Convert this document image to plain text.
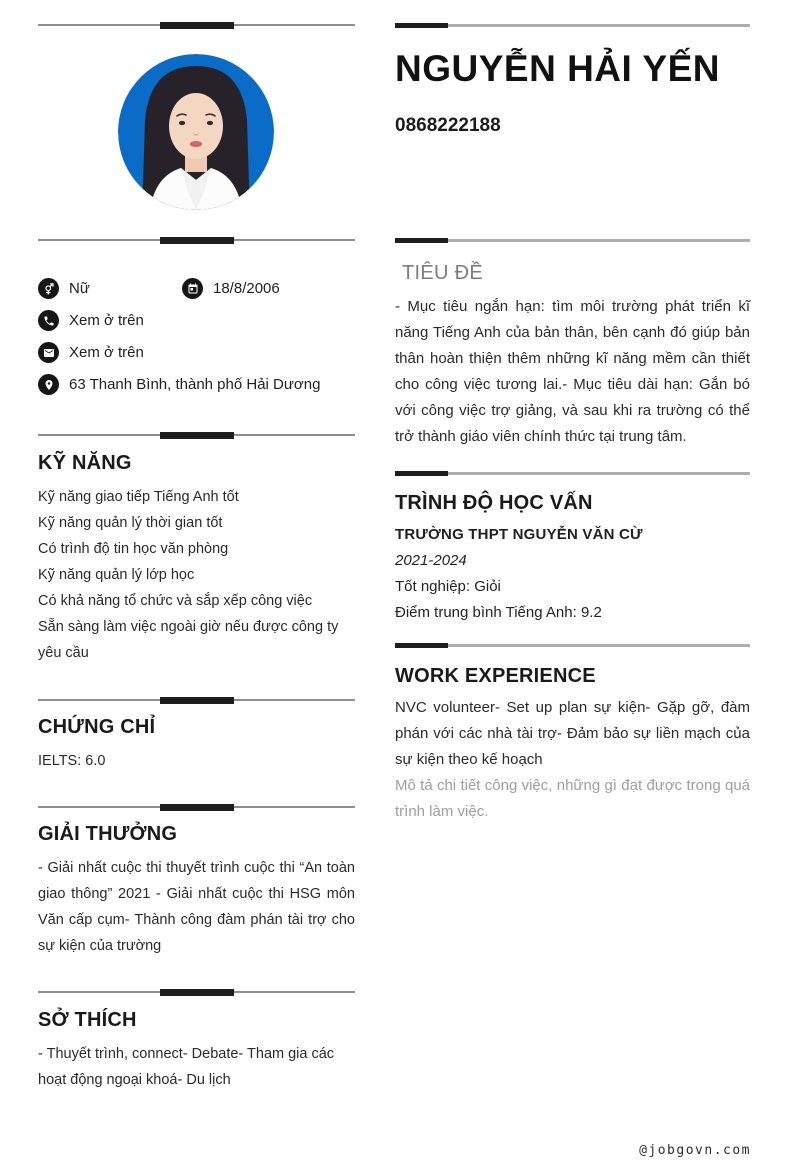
Nữ	18/8/2006
Xem ở trên
Xem ở trên
63 Thanh Bình, thành phố Hải Dương
KỸ NĂNG
Kỹ năng giao tiếp Tiếng Anh tốt
Kỹ năng quản lý thời gian tốt
Có trình độ tin học văn phòng
Kỹ năng quản lý lớp học
Có khả năng tổ chức và sắp xếp công việc
Sẵn sàng làm việc ngoài giờ nếu được công ty yêu cầu
CHỨNG CHỈ
IELTS: 6.0
GIẢI THƯỞNG
- Giải nhất cuộc thi thuyết trình cuộc thi “An toàn giao thông” 2021 - Giải nhất cuộc thi HSG môn Văn cấp cụm- Thành công đàm phán tài trợ cho sự kiện của trường
SỞ THÍCH
- Thuyết trình, connect- Debate- Tham gia các hoạt động ngoại khoá- Du lịch
NGUYỄN HẢI YẾN
0868222188
TIÊU ĐỀ
- Mục tiêu ngắn hạn: tìm môi trường phát triển kĩ năng Tiếng Anh của bản thân, bên cạnh đó giúp bản thân hoàn thiện thêm những kĩ năng mềm cần thiết cho công việc tương lai.- Mục tiêu dài hạn: Gắn bó với công việc trợ giảng, và sau khi ra trường có thể trở thành giáo viên chính thức tại trung tâm.
TRÌNH ĐỘ HỌC VẤN
TRƯỜNG THPT NGUYỄN VĂN CỪ
2021-2024
Tốt nghiệp: Giỏi
Điểm trung bình Tiếng Anh: 9.2
WORK EXPERIENCE
NVC volunteer- Set up plan sự kiện- Gặp gỡ, đàm phán với các nhà tài trợ- Đảm bảo sự liền mạch của sự kiện theo kế hoạch
Mô tả chi tiết công việc, những gì đạt được trong quá trình làm việc.
@jobgovn.com
